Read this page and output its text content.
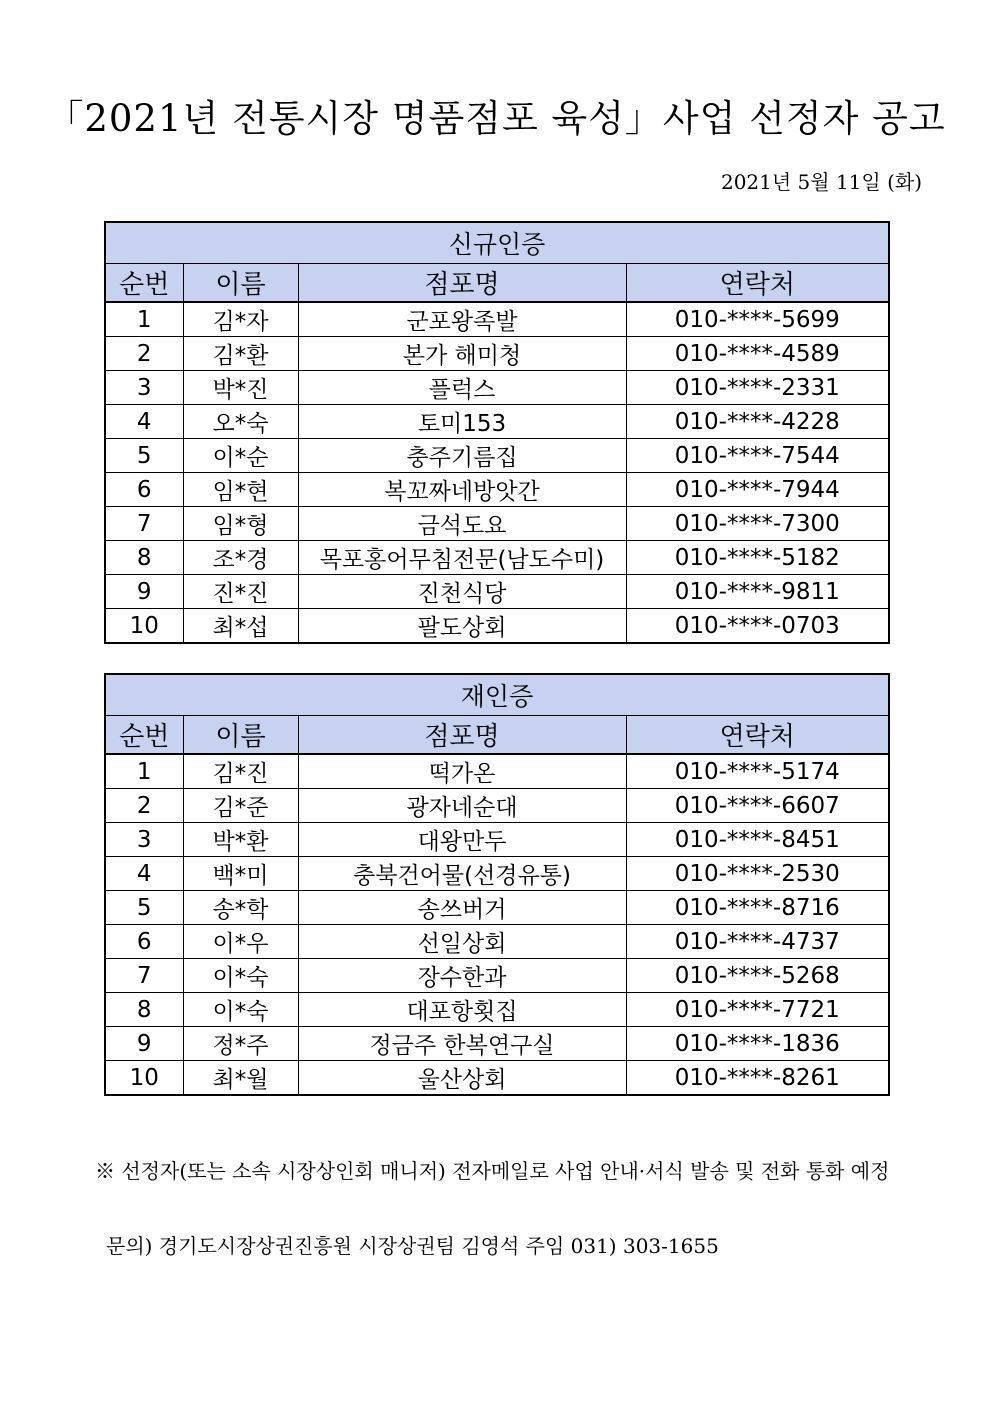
「2021년 전통시장 명품점포 육성」사업 선정자 공고
2021년 5월 11일 (화)
신규인증			
순번	이름	점포명	연락처
1	김*자	군포왕족발	010-****-5699
2	김*환	본가 해미청	010-****-4589
3	박*진	플럭스	010-****-2331
4	오*숙	토미153	010-****-4228
5	이*순	충주기름집	010-****-7544
6	임*현	복꼬짜네방앗간	010-****-7944
7	임*형	금석도요	010-****-7300
8	조*경	목포홍어무침전문(남도수미)	010-****-5182
9	진*진	진천식당	010-****-9811
10	최*섭	팔도상회	010-****-0703
재인증			
순번	이름	점포명	연락처
1	김*진	떡가온	010-****-5174
2	김*준	광자네순대	010-****-6607
3	박*환	대왕만두	010-****-8451
4	백*미	충북건어물(선경유통)	010-****-2530
5	송*학	송쓰버거	010-****-8716
6	이*우	선일상회	010-****-4737
7	이*숙	장수한과	010-****-5268
8	이*숙	대포항횟집	010-****-7721
9	정*주	정금주 한복연구실	010-****-1836
10	최*월	울산상회	010-****-8261
※ 선정자(또는 소속 시장상인회 매니저) 전자메일로 사업 안내·서식 발송 및 전화 통화 예정
문의) 경기도시장상권진흥원 시장상권팀 김영석 주임 031) 303-1655
